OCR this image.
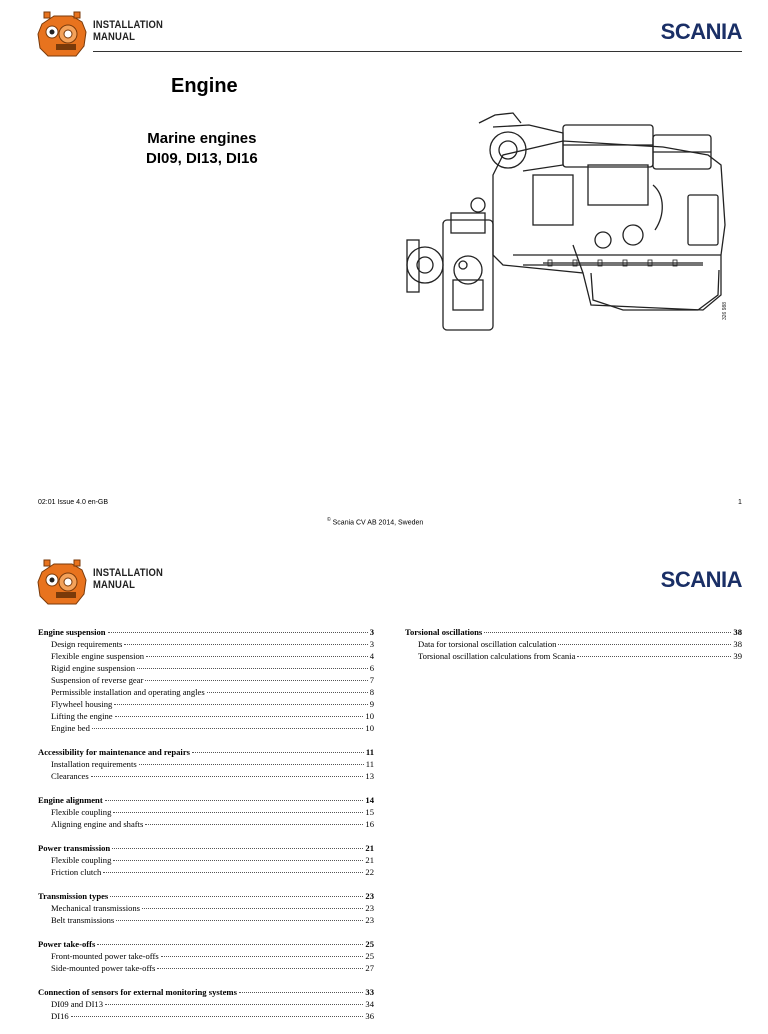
INSTALLATION
MANUAL	SCANIA
Engine
Marine engines
DI09, DI13, DI16
326 988
02:01 Issue 4.0 en-GB	1
© Scania CV AB 2014, Sweden
INSTALLATION
MANUAL	SCANIA
Engine suspension	3
Design requirements	3
Flexible engine suspension	4
Rigid engine suspension	6
Suspension of reverse gear	7
Permissible installation and operating angles	8
Flywheel housing	9
Lifting the engine	10
Engine bed	10
Accessibility for maintenance and repairs	11
Installation requirements	11
Clearances	13
Engine alignment	14
Flexible coupling	15
Aligning engine and shafts	16
Power transmission	21
Flexible coupling	21
Friction clutch	22
Transmission types	23
Mechanical transmissions	23
Belt transmissions	23
Power take-offs	25
Front-mounted power take-offs	25
Side-mounted power take-offs	27
Connection of sensors for external monitoring systems	33
DI09 and DI13	34
DI16	36
Torsional oscillations	38
Data for torsional oscillation calculation	38
Torsional oscillation calculations from Scania	39
